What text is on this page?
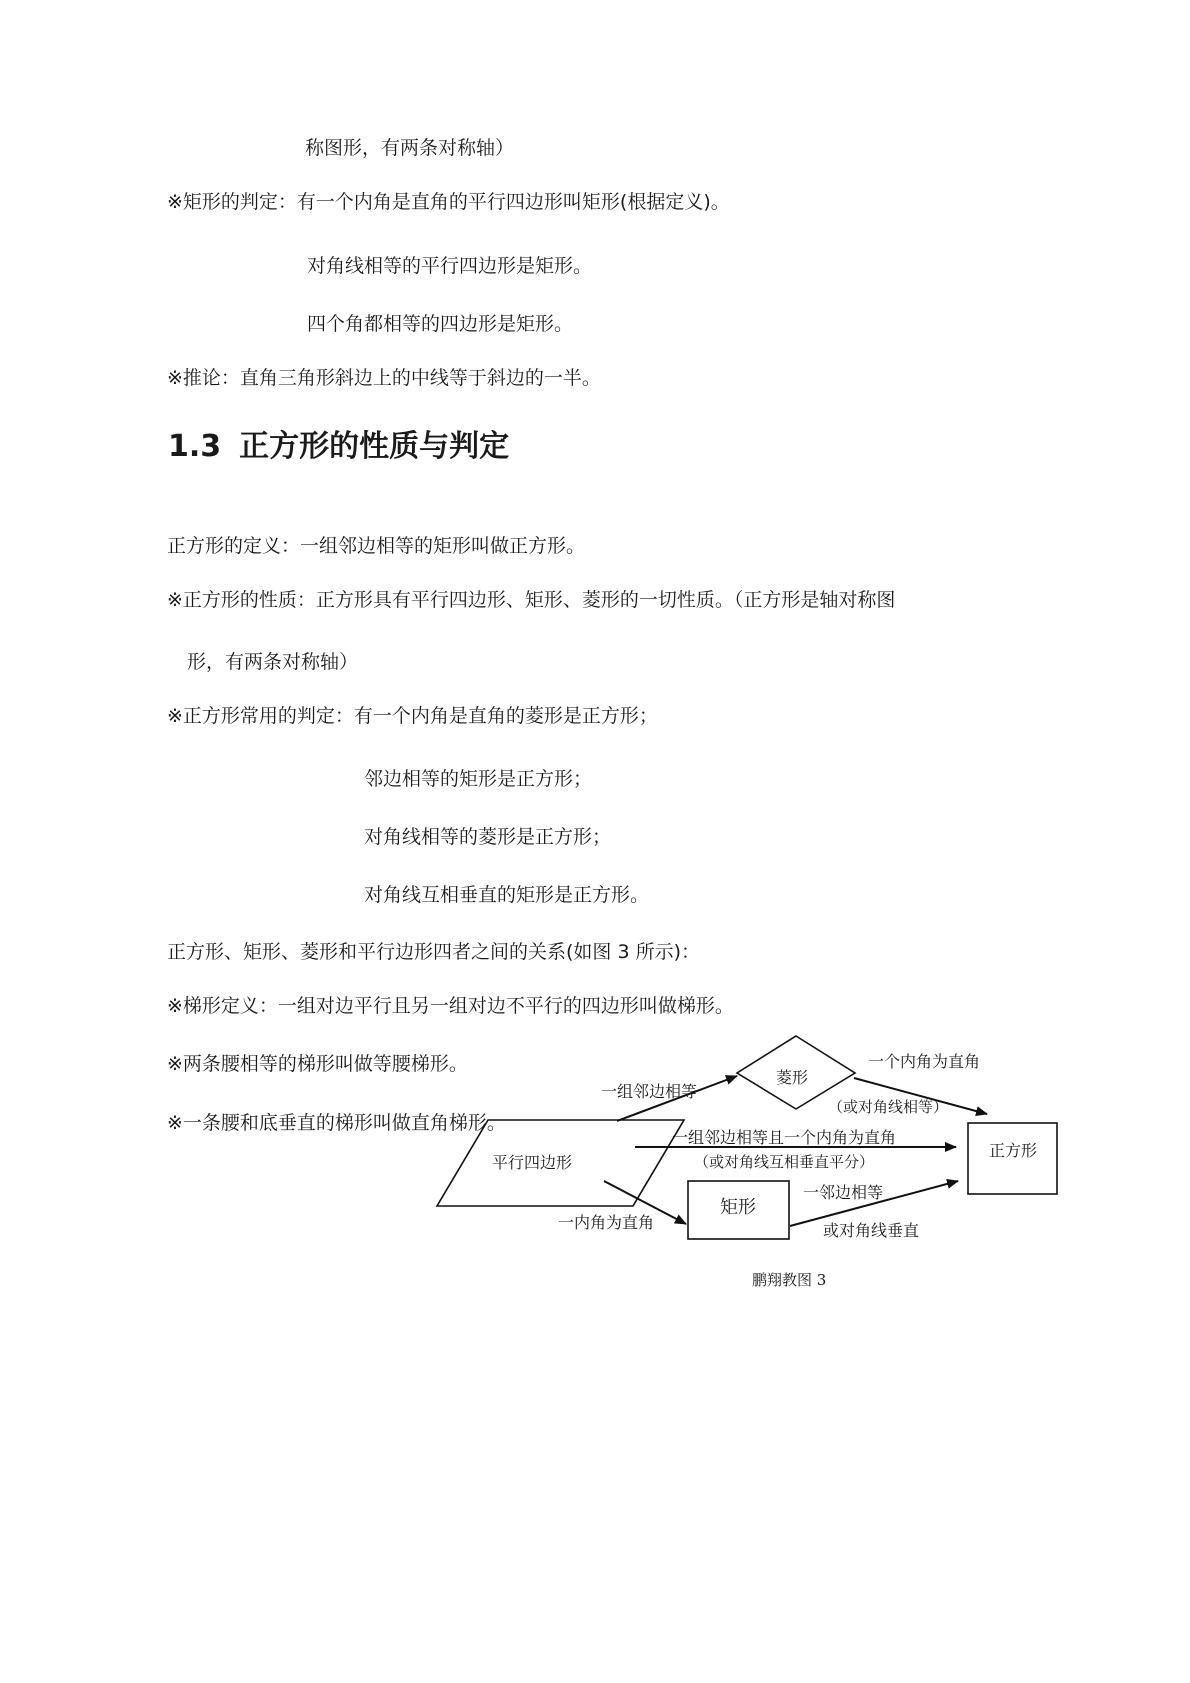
称图形，有两条对称轴）
※矩形的判定：有一个内角是直角的平行四边形叫矩形(根据定义)。
对角线相等的平行四边形是矩形。
四个角都相等的四边形是矩形。
※推论：直角三角形斜边上的中线等于斜边的一半。
1.3 正方形的性质与判定
正方形的定义：一组邻边相等的矩形叫做正方形。
※正方形的性质：正方形具有平行四边形、矩形、菱形的一切性质。（正方形是轴对称图
形，有两条对称轴）
※正方形常用的判定：有一个内角是直角的菱形是正方形；
邻边相等的矩形是正方形；
对角线相等的菱形是正方形；
对角线互相垂直的矩形是正方形。
正方形、矩形、菱形和平行边形四者之间的关系(如图 3 所示)：
※梯形定义：一组对边平行且另一组对边不平行的四边形叫做梯形。
※两条腰相等的梯形叫做等腰梯形。
※一条腰和底垂直的梯形叫做直角梯形。
平行四边形
菱形
矩形
正方形
一组邻边相等
一个内角为直角
（或对角线相等）
一组邻边相等且一个内角为直角
（或对角线互相垂直平分）
一内角为直角
一邻边相等
或对角线垂直
鹏翔教图 3
